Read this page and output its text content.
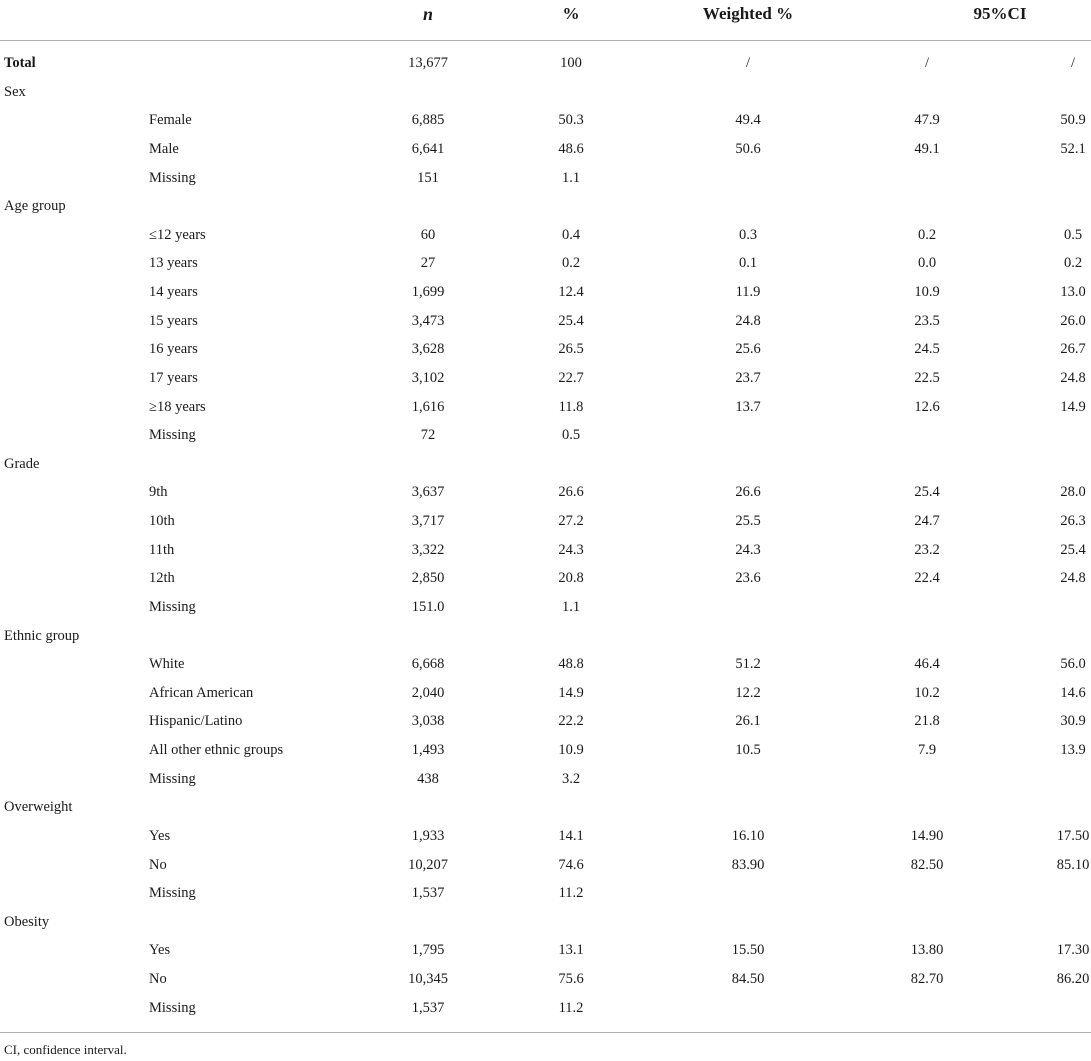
n	%	Weighted %	95%CI
Total	13,677	100	/	/	/
Sex
Female	6,885	50.3	49.4	47.9	50.9
Male	6,641	48.6	50.6	49.1	52.1
Missing	151	1.1
Age group
≤12 years	60	0.4	0.3	0.2	0.5
13 years	27	0.2	0.1	0.0	0.2
14 years	1,699	12.4	11.9	10.9	13.0
15 years	3,473	25.4	24.8	23.5	26.0
16 years	3,628	26.5	25.6	24.5	26.7
17 years	3,102	22.7	23.7	22.5	24.8
≥18 years	1,616	11.8	13.7	12.6	14.9
Missing	72	0.5
Grade
9th	3,637	26.6	26.6	25.4	28.0
10th	3,717	27.2	25.5	24.7	26.3
11th	3,322	24.3	24.3	23.2	25.4
12th	2,850	20.8	23.6	22.4	24.8
Missing	151.0	1.1
Ethnic group
White	6,668	48.8	51.2	46.4	56.0
African American	2,040	14.9	12.2	10.2	14.6
Hispanic/Latino	3,038	22.2	26.1	21.8	30.9
All other ethnic groups	1,493	10.9	10.5	7.9	13.9
Missing	438	3.2
Overweight
Yes	1,933	14.1	16.10	14.90	17.50
No	10,207	74.6	83.90	82.50	85.10
Missing	1,537	11.2
Obesity
Yes	1,795	13.1	15.50	13.80	17.30
No	10,345	75.6	84.50	82.70	86.20
Missing	1,537	11.2
CI, confidence interval.
